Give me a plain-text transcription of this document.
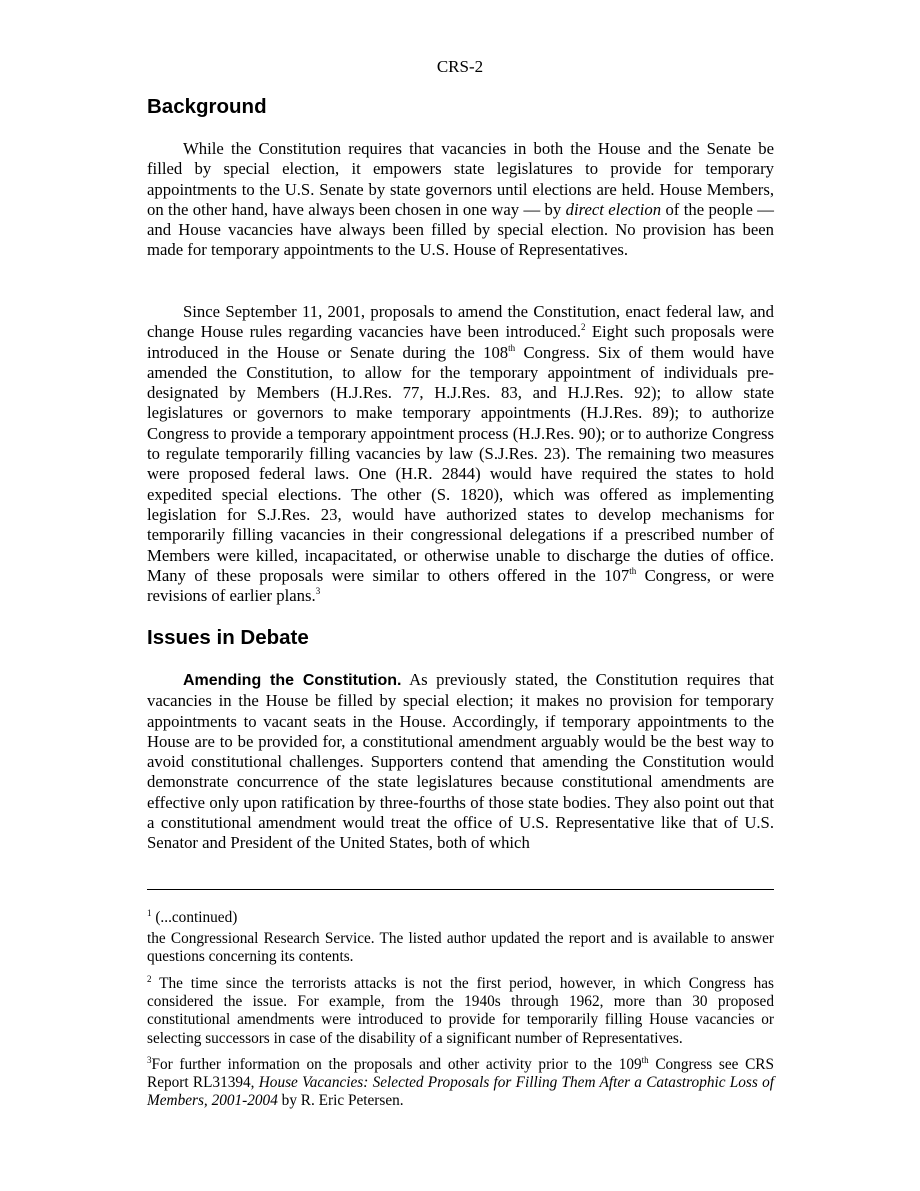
CRS-2
Background

While the Constitution requires that vacancies in both the House and the Senate be filled by special election, it empowers state legislatures to provide for temporary appointments to the U.S. Senate by state governors until elections are held. House Members, on the other hand, have always been chosen in one way — by direct election of the people — and House vacancies have always been filled by special election. No provision has been made for temporary appointments to the U.S. House of Representatives.

Since September 11, 2001, proposals to amend the Constitution, enact federal law, and change House rules regarding vacancies have been introduced.$^2$ Eight such proposals were introduced in the House or Senate during the 108th Congress. Six of them would have amended the Constitution, to allow for the temporary appointment of individuals pre-designated by Members (H.J.Res. 77, H.J.Res. 83, and H.J.Res. 92); to allow state legislatures or governors to make temporary appointments (H.J.Res. 89); to authorize Congress to provide a temporary appointment process (H.J.Res. 90); or to authorize Congress to regulate temporarily filling vacancies by law (S.J.Res. 23). The remaining two measures were proposed federal laws. One (H.R. 2844) would have required the states to hold expedited special elections. The other (S. 1820), which was offered as implementing legislation for S.J.Res. 23, would have authorized states to develop mechanisms for temporarily filling vacancies in their congressional delegations if a prescribed number of Members were killed, incapacitated, or otherwise unable to discharge the duties of office. Many of these proposals were similar to others offered in the 107th Congress, or were revisions of earlier plans.$^3$

Issues in Debate

Amending the Constitution. As previously stated, the Constitution requires that vacancies in the House be filled by special election; it makes no provision for temporary appointments to vacant seats in the House. Accordingly, if temporary appointments to the House are to be provided for, a constitutional amendment arguably would be the best way to avoid constitutional challenges. Supporters contend that amending the Constitution would demonstrate concurrence of the state legislatures because constitutional amendments are effective only upon ratification by three-fourths of those state bodies. They also point out that a constitutional amendment would treat the office of U.S. Representative like that of U.S. Senator and President of the United States, both of which

$^1$ (...continued)
the Congressional Research Service. The listed author updated the report and is available to answer questions concerning its contents.
$^2$ The time since the terrorists attacks is not the first period, however, in which Congress has considered the issue. For example, from the 1940s through 1962, more than 30 proposed constitutional amendments were introduced to provide for temporarily filling House vacancies or selecting successors in case of the disability of a significant number of Representatives.
$^3$For further information on the proposals and other activity prior to the 109th Congress see CRS Report RL31394, House Vacancies: Selected Proposals for Filling Them After a Catastrophic Loss of Members, 2001-2004 by R. Eric Petersen.
